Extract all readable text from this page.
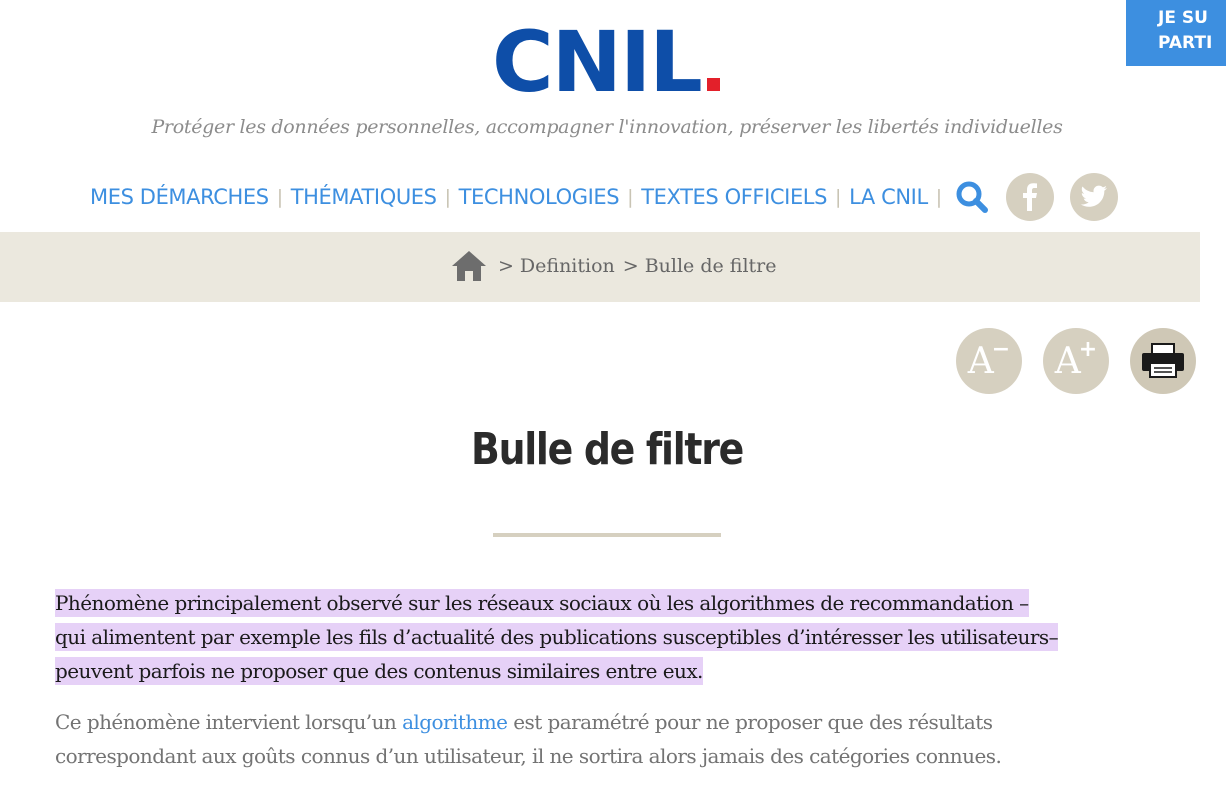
JE SU
PARTI
CNIL
Protéger les données personnelles, accompagner l'innovation, préserver les libertés individuelles
MES DÉMARCHES | THÉMATIQUES | TECHNOLOGIES | TEXTES OFFICIELS | LA CNIL |
> Definition > Bulle de filtre
A
− A
+
Bulle de filtre
Phénomène principalement observé sur les réseaux sociaux où les algorithmes de recommandation –
qui alimentent par exemple les fils d’actualité des publications susceptibles d’intéresser les utilisateurs–
peuvent parfois ne proposer que des contenus similaires entre eux.
Ce phénomène intervient lorsqu’un algorithme est paramétré pour ne proposer que des résultats
correspondant aux goûts connus d’un utilisateur, il ne sortira alors jamais des catégories connues.
